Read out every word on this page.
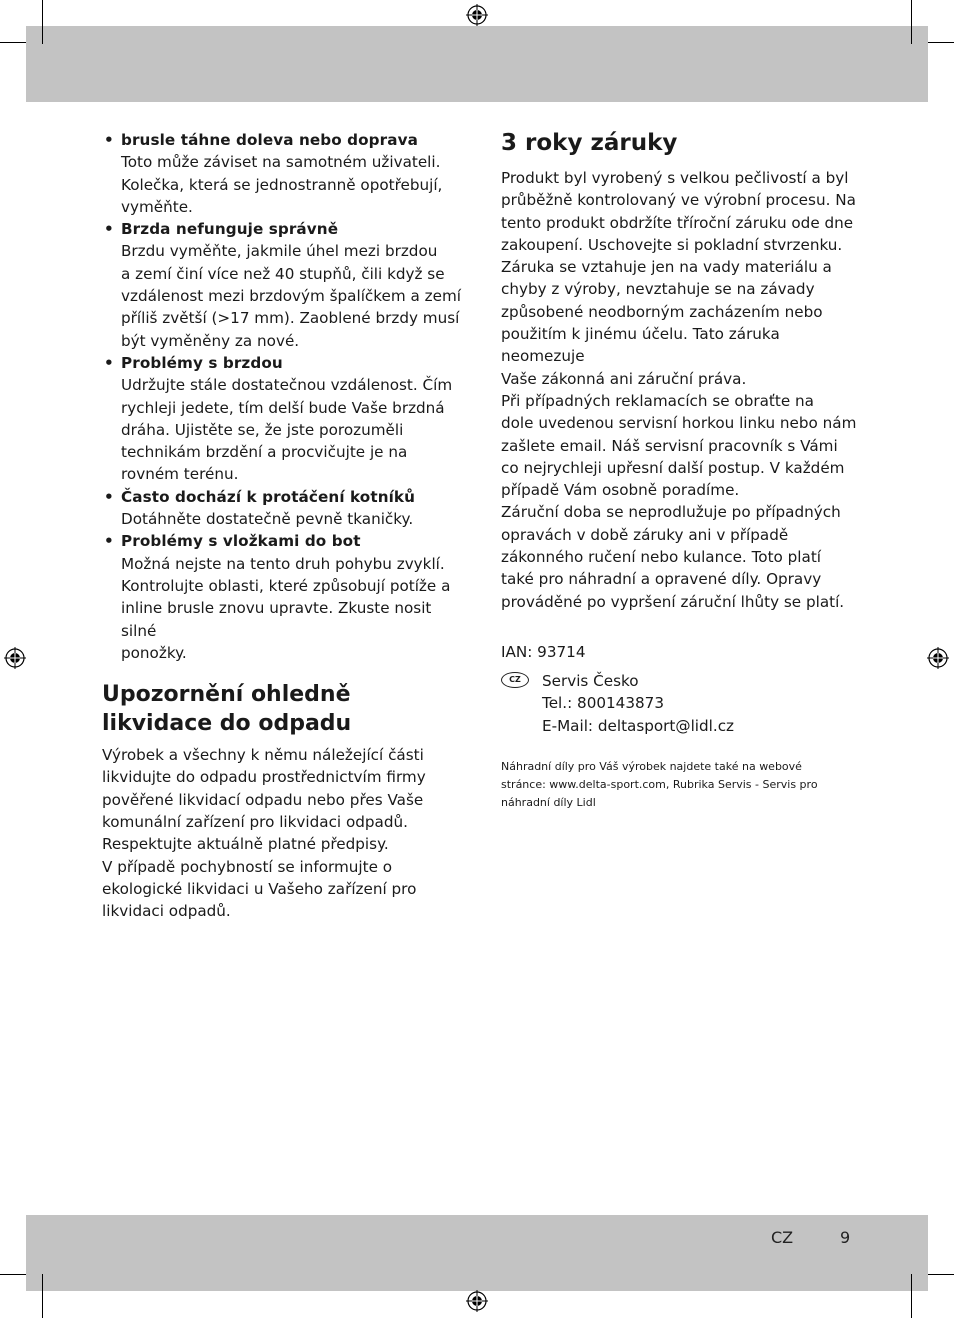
CZ	9
• brusle táhne doleva nebo doprava
Toto může záviset na samotném uživateli.
Kolečka, která se jednostranně opotřebují,
vyměňte.
• Brzda nefunguje správně
Brzdu vyměňte, jakmile úhel mezi brzdou
a zemí činí více než 40 stupňů, čili když se
vzdálenost mezi brzdovým špalíčkem a zemí
příliš zvětší (>17 mm). Zaoblené brzdy musí
být vyměněny za nové.
• Problémy s brzdou
Udržujte stále dostatečnou vzdálenost. Čím
rychleji jedete, tím delší bude Vaše brzdná
dráha. Ujistěte se, že jste porozuměli
technikám brzdění a procvičujte je na
rovném terénu.
• Často dochází k protáčení kotníků
Dotáhněte dostatečně pevně tkaničky.
• Problémy s vložkami do bot
Možná nejste na tento druh pohybu zvyklí.
Kontrolujte oblasti, které způsobují potíže a
inline brusle znovu upravte. Zkuste nosit silné
ponožky.
Upozornění ohledně
likvidace do odpadu

Výrobek a všechny k němu náležející části
likvidujte do odpadu prostřednictvím firmy
pověřené likvidací odpadu nebo přes Vaše
komunální zařízení pro likvidaci odpadů.
Respektujte aktuálně platné předpisy.
V případě pochybností se informujte o
ekologické likvidaci u Vašeho zařízení pro
likvidaci odpadů.

3 roky záruky

Produkt byl vyrobený s velkou pečlivostí a byl
průběžně kontrolovaný ve výrobní procesu. Na
tento produkt obdržíte tříroční záruku ode dne
zakoupení. Uschovejte si pokladní stvrzenku.
Záruka se vztahuje jen na vady materiálu a
chyby z výroby, nevztahuje se na závady
způsobené neodborným zacházením nebo
použitím k jinému účelu. Tato záruka neomezuje
Vaše zákonná ani záruční práva.
Při případných reklamacích se obraťte na
dole uvedenou servisní horkou linku nebo nám
zašlete email. Náš servisní pracovník s Vámi
co nejrychleji upřesní další postup. V každém
případě Vám osobně poradíme.
Záruční doba se neprodlužuje po případných
opravách v době záruky ani v případě
zákonného ručení nebo kulance. Toto platí
také pro náhradní a opravené díly. Opravy
prováděné po vypršení záruční lhůty se platí.

IAN: 93714
CZ	Servis Česko
Tel.: 800143873
E-Mail: deltasport@lidl.cz
Náhradní díly pro Váš výrobek najdete také na webové
stránce: www.delta-sport.com, Rubrika Servis - Servis pro
náhradní díly Lidl
